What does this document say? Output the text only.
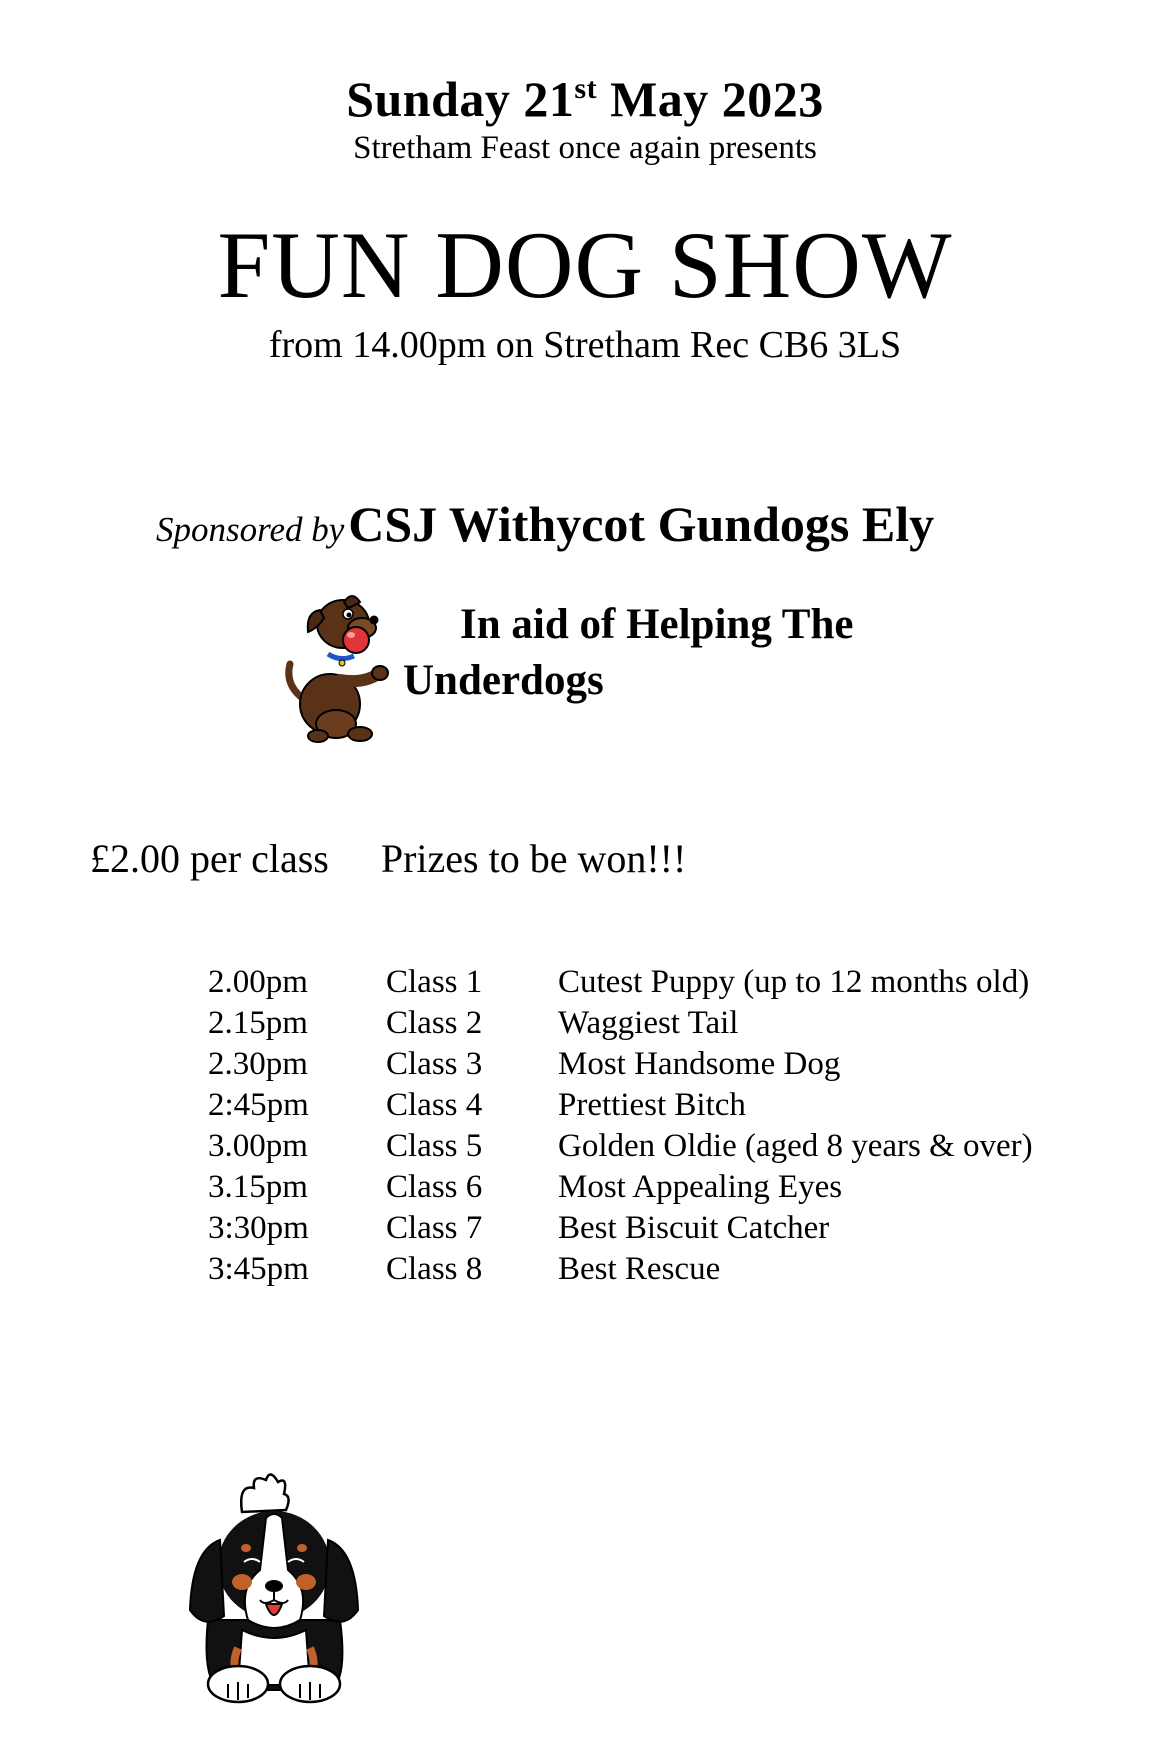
Sunday 21st May 2023
Stretham Feast once again presents
FUN DOG SHOW
from 14.00pm on Stretham Rec CB6 3LS
Sponsored by CSJ Withycot Gundogs Ely
In aid of Helping The
Underdogs
£2.00 per class Prizes to be won!!!
2.00pm Class 1 Cutest Puppy (up to 12 months old)
2.15pm Class 2 Waggiest Tail
2.30pm Class 3 Most Handsome Dog
2:45pm Class 4 Prettiest Bitch
3.00pm Class 5 Golden Oldie (aged 8 years & over)
3.15pm Class 6 Most Appealing Eyes
3:30pm Class 7 Best Biscuit Catcher
3:45pm Class 8 Best Rescue
